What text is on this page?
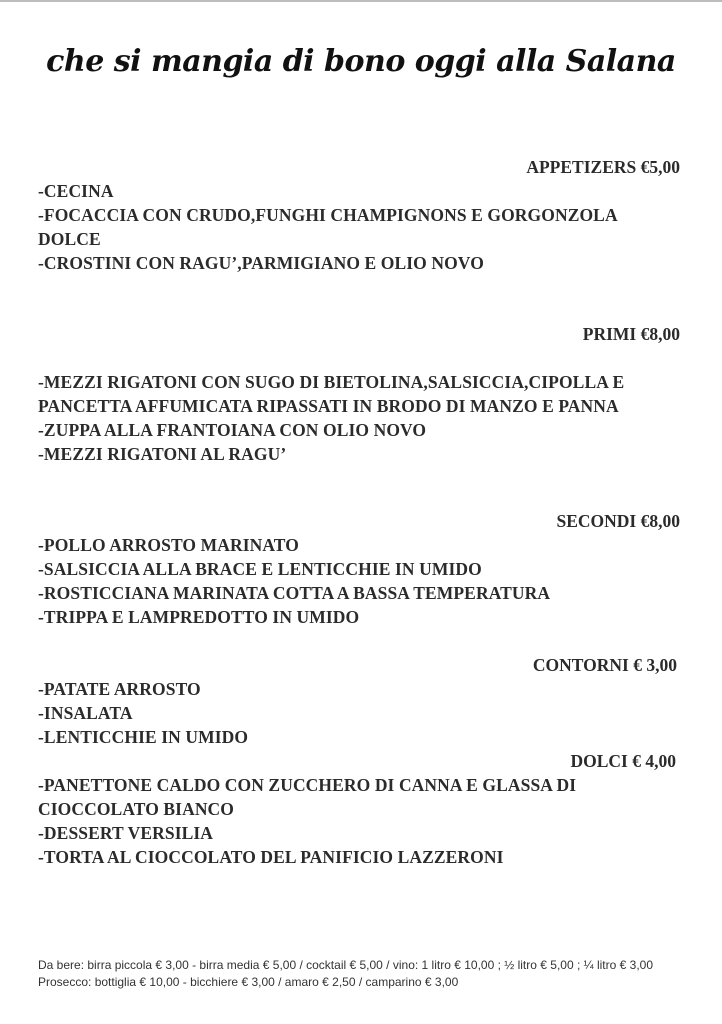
che si mangia di bono oggi alla Salana
APPETIZERS €5,00
-CECINA
-FOCACCIA CON CRUDO,FUNGHI CHAMPIGNONS E GORGONZOLA DOLCE
-CROSTINI CON RAGU’,PARMIGIANO E OLIO NOVO
PRIMI €8,00
-MEZZI RIGATONI CON SUGO DI BIETOLINA,SALSICCIA,CIPOLLA E PANCETTA AFFUMICATA RIPASSATI IN BRODO DI MANZO E PANNA
-ZUPPA ALLA FRANTOIANA CON OLIO NOVO
-MEZZI RIGATONI AL RAGU’
SECONDI €8,00
-POLLO ARROSTO MARINATO
-SALSICCIA ALLA BRACE E LENTICCHIE IN UMIDO
-ROSTICCIANA MARINATA COTTA A BASSA TEMPERATURA
-TRIPPA E LAMPREDOTTO IN UMIDO
CONTORNI € 3,00
-PATATE ARROSTO
-INSALATA
-LENTICCHIE IN UMIDO
DOLCI € 4,00
-PANETTONE CALDO CON ZUCCHERO DI CANNA E GLASSA DI CIOCCOLATO BIANCO
-DESSERT VERSILIA
-TORTA AL CIOCCOLATO DEL PANIFICIO LAZZERONI
Da bere: birra piccola € 3,00 - birra media € 5,00 / cocktail € 5,00 / vino: 1 litro € 10,00 ; ½ litro € 5,00 ; ¼ litro € 3,00
Prosecco: bottiglia € 10,00 - bicchiere € 3,00 / amaro € 2,50 / camparino € 3,00
